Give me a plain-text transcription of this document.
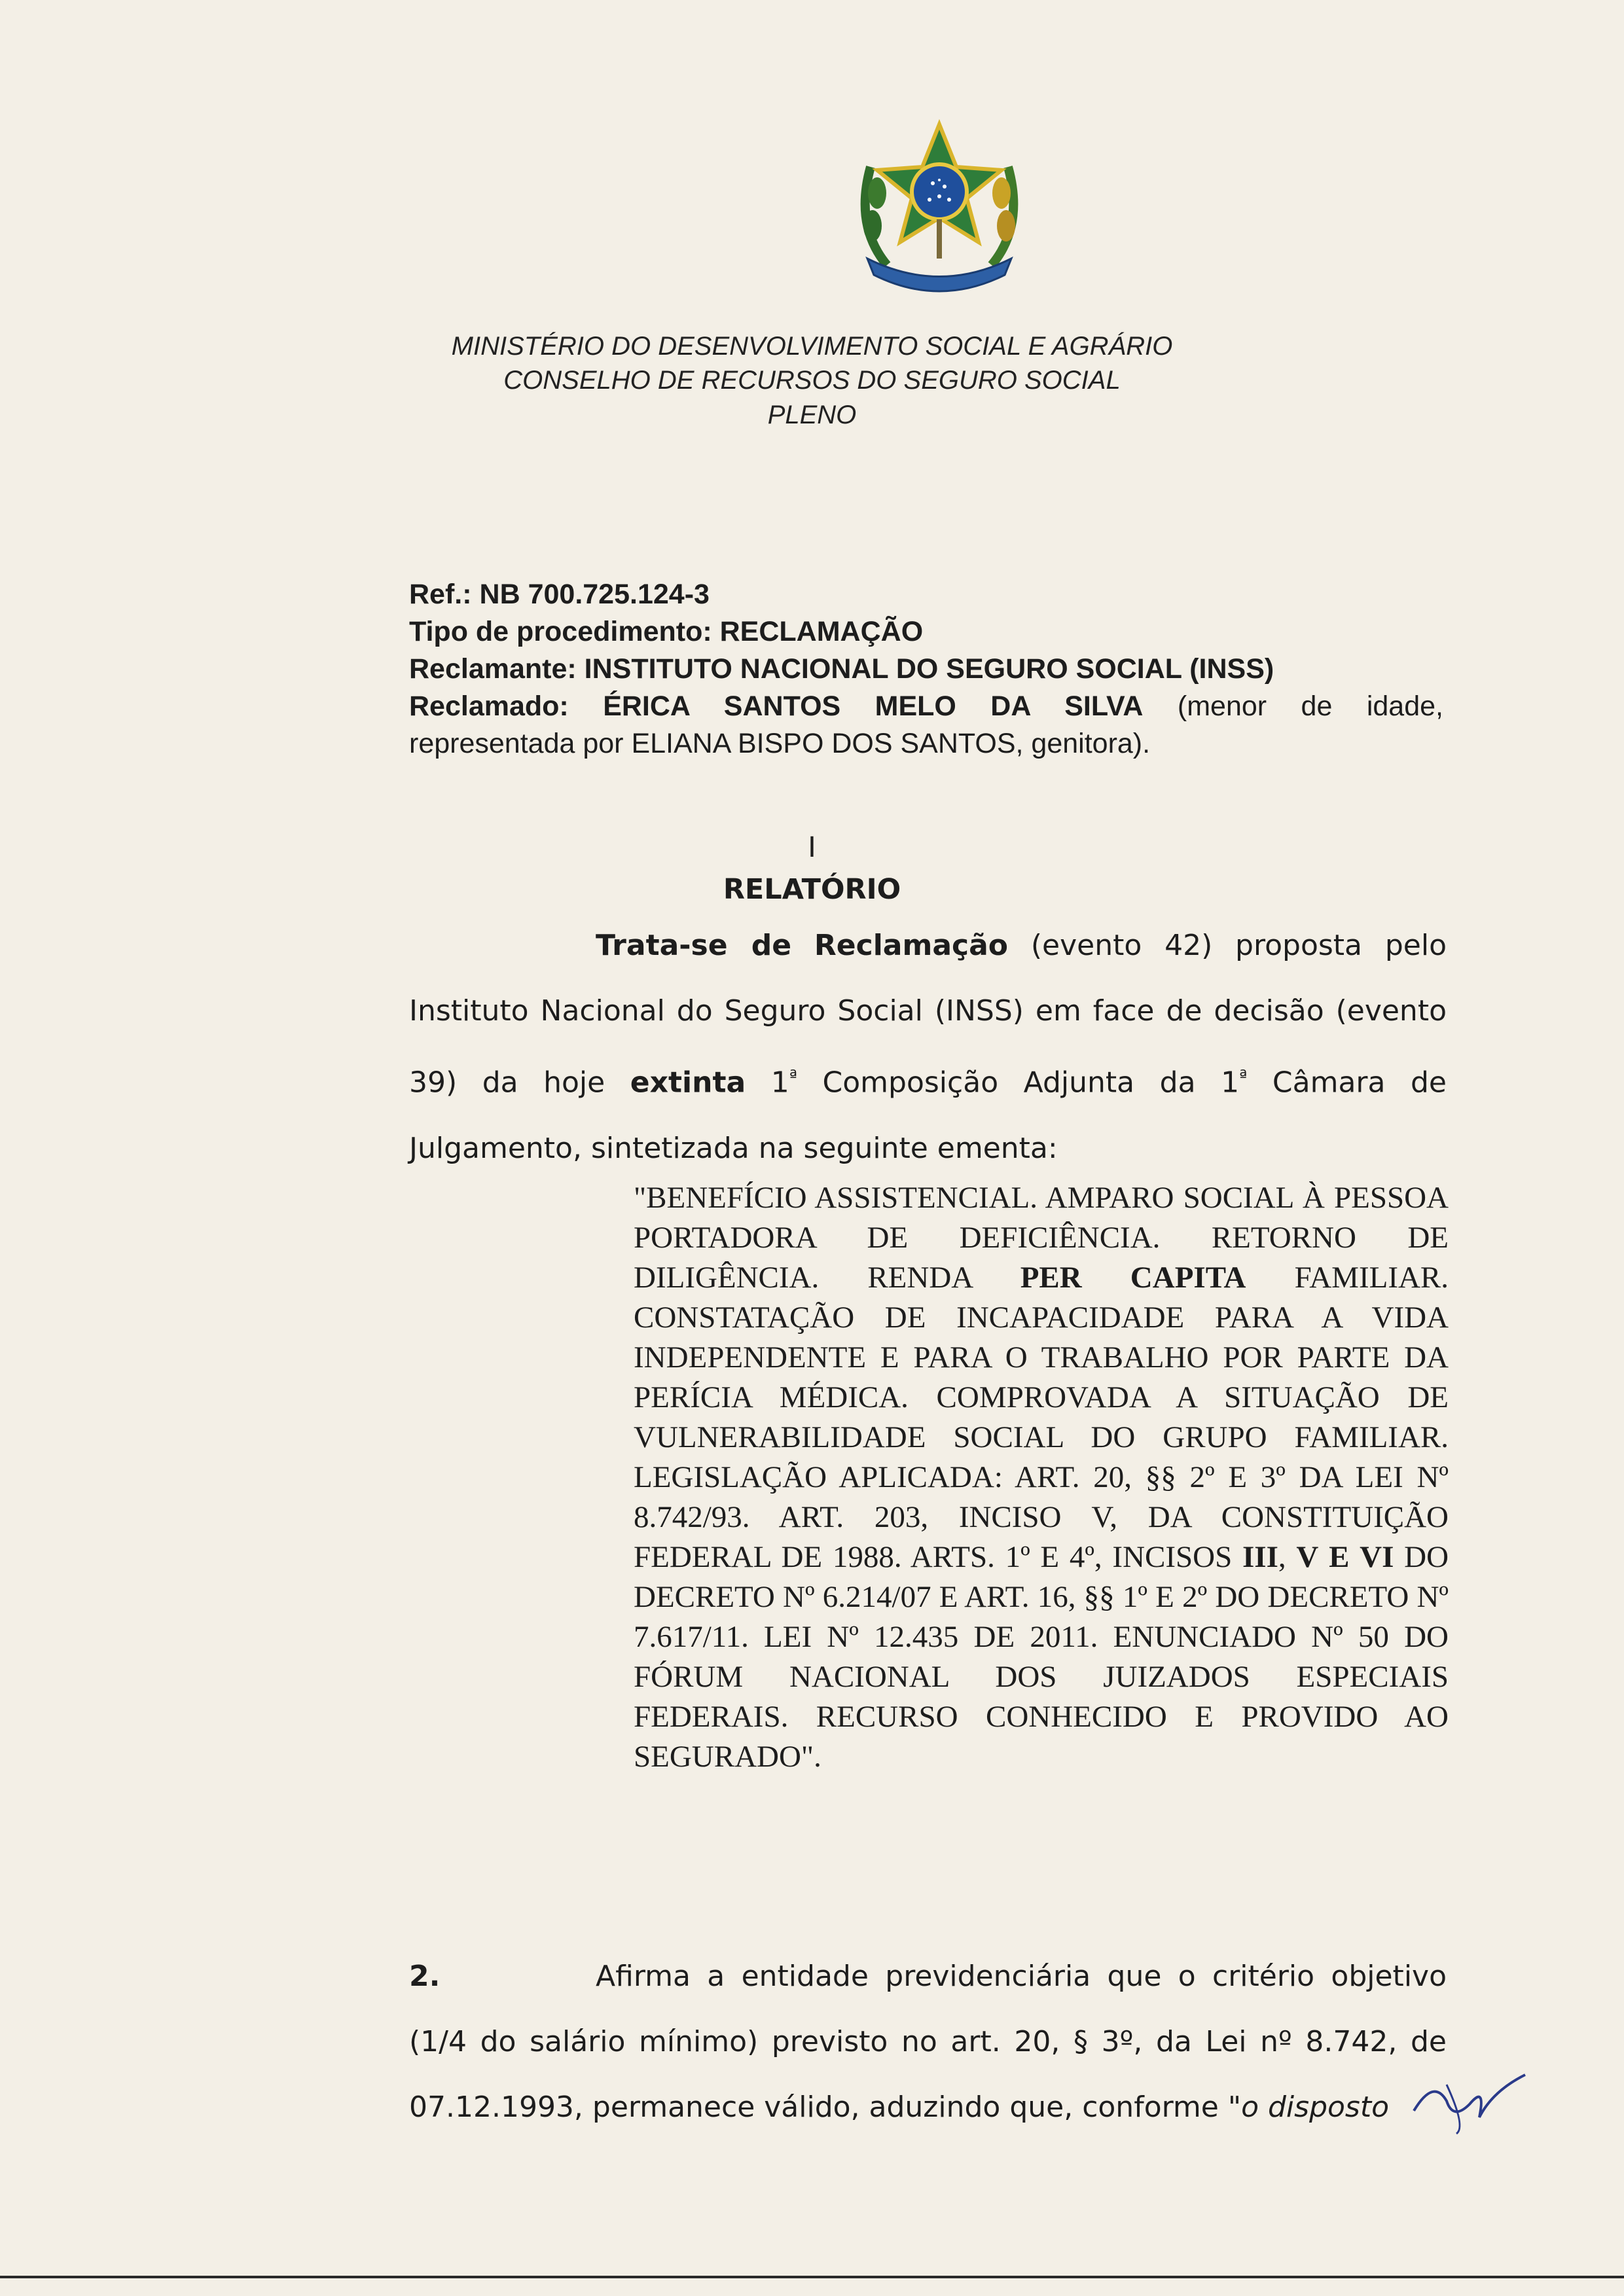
MINISTÉRIO DO DESENVOLVIMENTO SOCIAL E AGRÁRIO
CONSELHO DE RECURSOS DO SEGURO SOCIAL
PLENO
Ref.: NB 700.725.124-3
Tipo de procedimento: RECLAMAÇÃO
Reclamante: INSTITUTO NACIONAL DO SEGURO SOCIAL (INSS)
Reclamado: ÉRICA SANTOS MELO DA SILVA (menor de idade,
representada por ELIANA BISPO DOS SANTOS, genitora).
I
RELATÓRIO
Trata-se de Reclamação (evento 42) proposta pelo Instituto Nacional do Seguro Social (INSS) em face de decisão (evento 39) da hoje extinta $1^ª$ Composição Adjunta da $1^ª$ Câmara de Julgamento, sintetizada na seguinte ementa:
"BENEFÍCIO ASSISTENCIAL. AMPARO SOCIAL À PESSOA PORTADORA DE DEFICIÊNCIA. RETORNO DE DILIGÊNCIA. RENDA PER CAPITA FAMILIAR. CONSTATAÇÃO DE INCAPACIDADE PARA A VIDA INDEPENDENTE E PARA O TRABALHO POR PARTE DA PERÍCIA MÉDICA. COMPROVADA A SITUAÇÃO DE VULNERABILIDADE SOCIAL DO GRUPO FAMILIAR. LEGISLAÇÃO APLICADA: ART. 20, §§ 2º E 3º DA LEI Nº 8.742/93. ART. 203, INCISO V, DA CONSTITUIÇÃO FEDERAL DE 1988. ARTS. 1º E 4º, INCISOS III, V E VI DO DECRETO Nº 6.214/07 E ART. 16, §§ 1º E 2º DO DECRETO Nº 7.617/11. LEI Nº 12.435 DE 2011. ENUNCIADO Nº 50 DO FÓRUM NACIONAL DOS JUIZADOS ESPECIAIS FEDERAIS. RECURSO CONHECIDO E PROVIDO AO SEGURADO".
2.	Afirma a entidade previdenciária que o critério objetivo (1/4 do salário mínimo) previsto no art. 20, § 3º, da Lei nº 8.742, de 07.12.1993, permanece válido, aduzindo que, conforme "o disposto
